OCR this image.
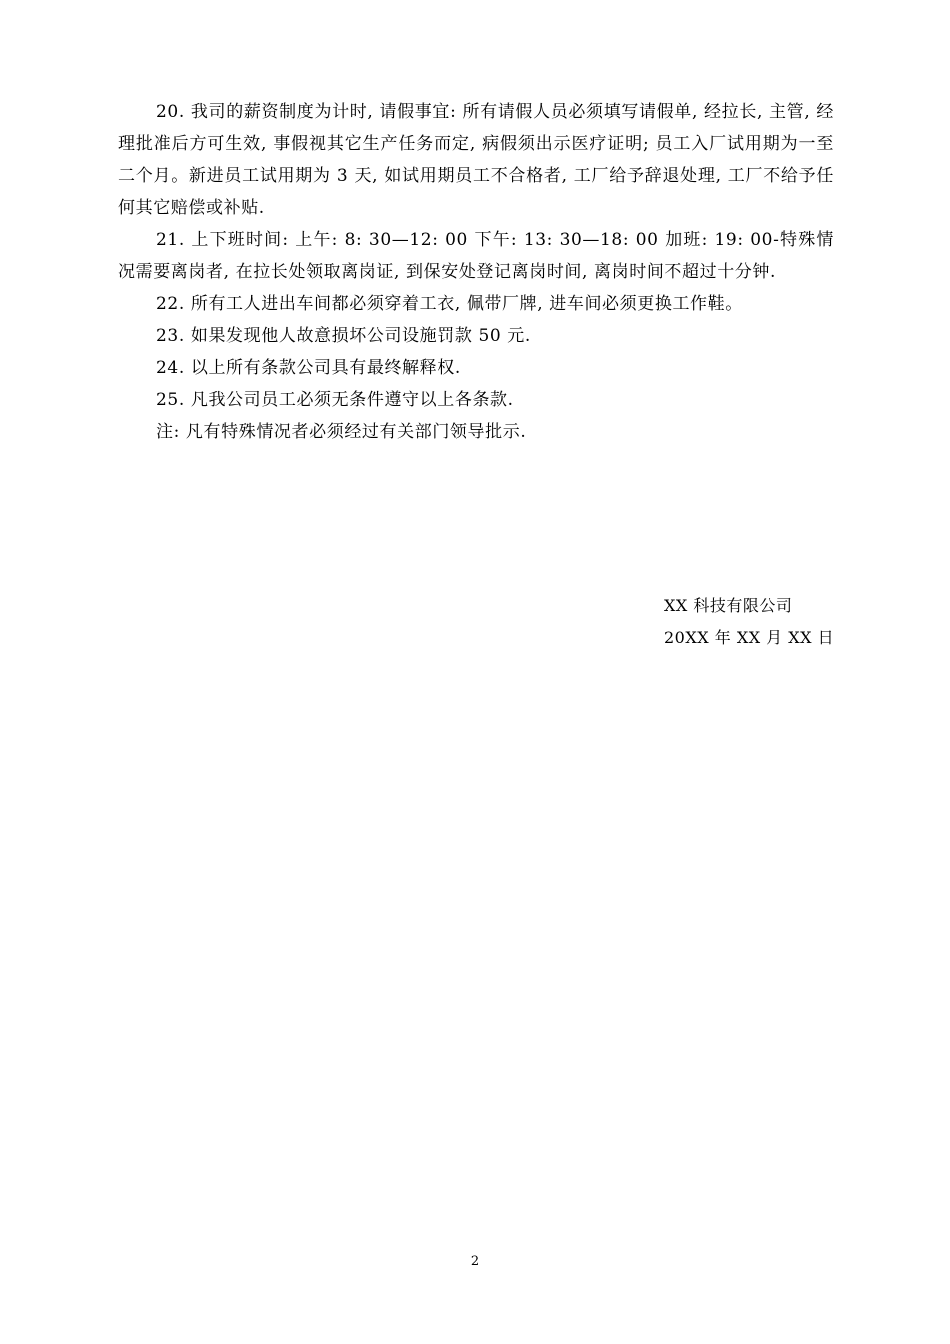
20. 我司的薪资制度为计时, 请假事宜: 所有请假人员必须填写请假单, 经拉长, 主管, 经理批准后方可生效, 事假视其它生产任务而定, 病假须出示医疗证明; 员工入厂试用期为一至二个月。新进员工试用期为 3 天, 如试用期员工不合格者, 工厂给予辞退处理, 工厂不给予任何其它赔偿或补贴.

21. 上下班时间: 上午: 8: 30—12: 00 下午: 13: 30—18: 00 加班: 19: 00-特殊情况需要离岗者, 在拉长处领取离岗证, 到保安处登记离岗时间, 离岗时间不超过十分钟.

22. 所有工人进出车间都必须穿着工衣, 佩带厂牌, 进车间必须更换工作鞋。

23. 如果发现他人故意损坏公司设施罚款 50 元.

24. 以上所有条款公司具有最终解释权.

25. 凡我公司员工必须无条件遵守以上各条款.

注: 凡有特殊情况者必须经过有关部门领导批示.

XX 科技有限公司
20XX 年 XX 月 XX 日
2
